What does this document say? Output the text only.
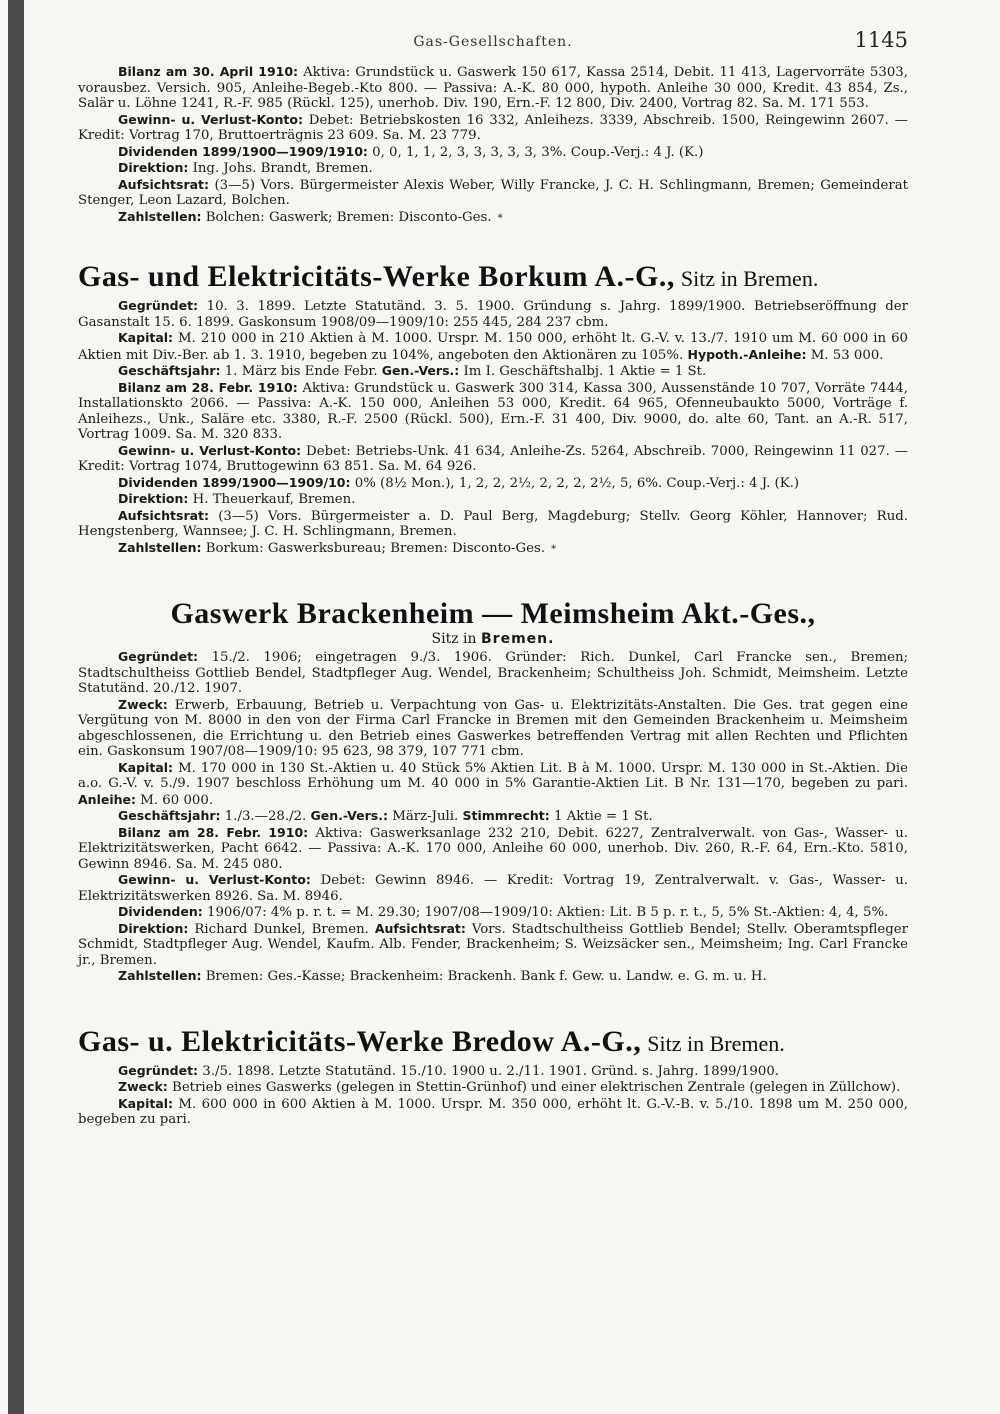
Gas-Gesellschaften.	1145

Bilanz am 30. April 1910: Aktiva: Grundstück u. Gaswerk 150 617, Kassa 2514, Debit. 11 413, Lagervorräte 5303, vorausbez. Versich. 905, Anleihe-Begeb.-Kto 800. — Passiva: A.-K. 80 000, hypoth. Anleihe 30 000, Kredit. 43 854, Zs., Salär u. Löhne 1241, R.-F. 985 (Rückl. 125), unerhob. Div. 190, Ern.-F. 12 800, Div. 2400, Vortrag 82. Sa. M. 171 553.

Gewinn- u. Verlust-Konto: Debet: Betriebskosten 16 332, Anleihezs. 3339, Abschreib. 1500, Reingewinn 2607. — Kredit: Vortrag 170, Bruttoerträgnis 23 609. Sa. M. 23 779.

Dividenden 1899/1900—1909/1910: 0, 0, 1, 1, 2, 3, 3, 3, 3, 3, 3%. Coup.-Verj.: 4 J. (K.)

Direktion: Ing. Johs. Brandt, Bremen.

Aufsichtsrat: (3—5) Vors. Bürgermeister Alexis Weber, Willy Francke, J. C. H. Schlingmann, Bremen; Gemeinderat Stenger, Leon Lazard, Bolchen.

Zahlstellen: Bolchen: Gaswerk; Bremen: Disconto-Ges. *

Gas- und Elektricitäts-Werke Borkum A.-G., Sitz in Bremen.

Gegründet: 10. 3. 1899. Letzte Statutänd. 3. 5. 1900. Gründung s. Jahrg. 1899/1900. Betriebseröffnung der Gasanstalt 15. 6. 1899. Gaskonsum 1908/09—1909/10: 255 445, 284 237 cbm.

Kapital: M. 210 000 in 210 Aktien à M. 1000. Urspr. M. 150 000, erhöht lt. G.-V. v. 13./7. 1910 um M. 60 000 in 60 Aktien mit Div.-Ber. ab 1. 3. 1910, begeben zu 104%, angeboten den Aktionären zu 105%. Hypoth.-Anleihe: M. 53 000.

Geschäftsjahr: 1. März bis Ende Febr. Gen.-Vers.: Im I. Geschäftshalbj. 1 Aktie = 1 St.

Bilanz am 28. Febr. 1910: Aktiva: Grundstück u. Gaswerk 300 314, Kassa 300, Aussenstände 10 707, Vorräte 7444, Installationskto 2066. — Passiva: A.-K. 150 000, Anleihen 53 000, Kredit. 64 965, Ofenneubaukto 5000, Vorträge f. Anleihezs., Unk., Saläre etc. 3380, R.-F. 2500 (Rückl. 500), Ern.-F. 31 400, Div. 9000, do. alte 60, Tant. an A.-R. 517, Vortrag 1009. Sa. M. 320 833.

Gewinn- u. Verlust-Konto: Debet: Betriebs-Unk. 41 634, Anleihe-Zs. 5264, Abschreib. 7000, Reingewinn 11 027. — Kredit: Vortrag 1074, Bruttogewinn 63 851. Sa. M. 64 926.

Dividenden 1899/1900—1909/10: 0% (8½ Mon.), 1, 2, 2, 2½, 2, 2, 2, 2½, 5, 6%. Coup.-Verj.: 4 J. (K.)

Direktion: H. Theuerkauf, Bremen.

Aufsichtsrat: (3—5) Vors. Bürgermeister a. D. Paul Berg, Magdeburg; Stellv. Georg Köhler, Hannover; Rud. Hengstenberg, Wannsee; J. C. H. Schlingmann, Bremen.

Zahlstellen: Borkum: Gaswerksbureau; Bremen: Disconto-Ges. *

Gaswerk Brackenheim — Meimsheim Akt.-Ges.,
Sitz in Bremen.

Gegründet: 15./2. 1906; eingetragen 9./3. 1906. Gründer: Rich. Dunkel, Carl Francke sen., Bremen; Stadtschultheiss Gottlieb Bendel, Stadtpfleger Aug. Wendel, Brackenheim; Schultheiss Joh. Schmidt, Meimsheim. Letzte Statutänd. 20./12. 1907.

Zweck: Erwerb, Erbauung, Betrieb u. Verpachtung von Gas- u. Elektrizitäts-Anstalten. Die Ges. trat gegen eine Vergütung von M. 8000 in den von der Firma Carl Francke in Bremen mit den Gemeinden Brackenheim u. Meimsheim abgeschlossenen, die Errichtung u. den Betrieb eines Gaswerkes betreffenden Vertrag mit allen Rechten und Pflichten ein. Gaskonsum 1907/08—1909/10: 95 623, 98 379, 107 771 cbm.

Kapital: M. 170 000 in 130 St.-Aktien u. 40 Stück 5% Aktien Lit. B à M. 1000. Urspr. M. 130 000 in St.-Aktien. Die a.o. G.-V. v. 5./9. 1907 beschloss Erhöhung um M. 40 000 in 5% Garantie-Aktien Lit. B Nr. 131—170, begeben zu pari. Anleihe: M. 60 000.

Geschäftsjahr: 1./3.—28./2. Gen.-Vers.: März-Juli. Stimmrecht: 1 Aktie = 1 St.

Bilanz am 28. Febr. 1910: Aktiva: Gaswerksanlage 232 210, Debit. 6227, Zentralverwalt. von Gas-, Wasser- u. Elektrizitätswerken, Pacht 6642. — Passiva: A.-K. 170 000, Anleihe 60 000, unerhob. Div. 260, R.-F. 64, Ern.-Kto. 5810, Gewinn 8946. Sa. M. 245 080.

Gewinn- u. Verlust-Konto: Debet: Gewinn 8946. — Kredit: Vortrag 19, Zentralverwalt. v. Gas-, Wasser- u. Elektrizitätswerken 8926. Sa. M. 8946.

Dividenden: 1906/07: 4% p. r. t. = M. 29.30; 1907/08—1909/10: Aktien: Lit. B 5 p. r. t., 5, 5% St.-Aktien: 4, 4, 5%.

Direktion: Richard Dunkel, Bremen. Aufsichtsrat: Vors. Stadtschultheiss Gottlieb Bendel; Stellv. Oberamtspfleger Schmidt, Stadtpfleger Aug. Wendel, Kaufm. Alb. Fender, Brackenheim; S. Weizsäcker sen., Meimsheim; Ing. Carl Francke jr., Bremen.

Zahlstellen: Bremen: Ges.-Kasse; Brackenheim: Brackenh. Bank f. Gew. u. Landw. e. G. m. u. H.

Gas- u. Elektricitäts-Werke Bredow A.-G., Sitz in Bremen.

Gegründet: 3./5. 1898. Letzte Statutänd. 15./10. 1900 u. 2./11. 1901. Gründ. s. Jahrg. 1899/1900.

Zweck: Betrieb eines Gaswerks (gelegen in Stettin-Grünhof) und einer elektrischen Zentrale (gelegen in Züllchow).

Kapital: M. 600 000 in 600 Aktien à M. 1000. Urspr. M. 350 000, erhöht lt. G.-V.-B. v. 5./10. 1898 um M. 250 000, begeben zu pari.
